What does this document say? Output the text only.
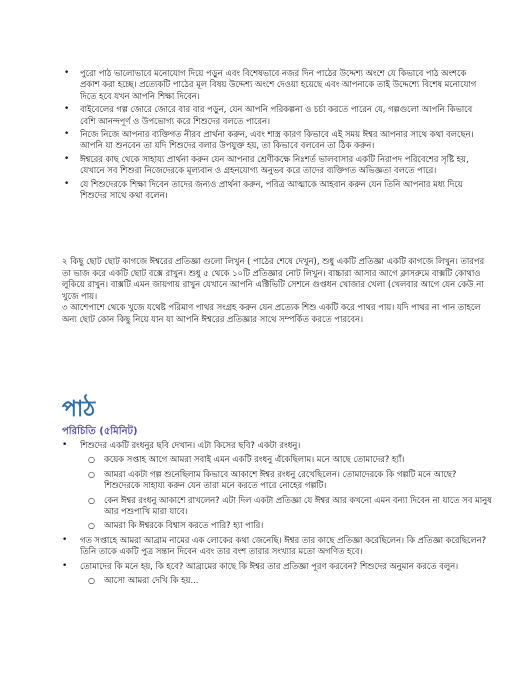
• পুরো পাঠ ভালোভাবে মনোযোগ দিয়ে পড়ুন এবং বিশেষভাবে নজর দিন পাঠের উদ্দেশ্য অংশে যে কিভাবে পাঠ অংশকে প্রকাশ করা হচ্ছে। প্রত্যেকটি পাঠের মূল বিষয় উদ্দেশ্য অংশে দেওয়া হয়েছে এবং আপনাকে তাই উদ্দেশ্যে বিশেষ মনোযোগ দিতে হবে যখন আপনি শিক্ষা দিবেন।
• বাইবেলের গল্প জোরে জোরে বার বার পড়ুন, যেন আপনি পরিকল্পনা ও চর্চা করতে পারেন যে, গল্পগুলো আপনি কিভাবে বেশি আনন্দপূর্ণ ও উপভোগ্য করে শিশুদের বলতে পারেন।
• নিজে নিজে আপনার ব্যক্তিগত নীরব প্রার্থনা করুন, এবং শাস্ত্র কারণ কিভাবে এই সময় ঈশ্বর আপনার সাথে কথা বলছেন। আপনি যা শুনবেন তা যদি শিশুদের বলার উপযুক্ত হয়, তা কিভাবে বলবেন তা ঠিক করুন।
• ঈশ্বরের কাছ থেকে সাহায্য প্রার্থনা করুন যেন আপনার শ্রেণীকক্ষে নিঃশর্ত ভালবাসার একটি নিরাপদ পরিবেশের সৃষ্টি হয়, যেখানে সব শিশুরা নিজেদেরকে মূল্যবান ও গ্রহনযোগ্য অনুভব করে তাদের ব্যক্তিগত অভিজ্ঞতা বলতে পারে।
• যে শিশুদেরকে শিক্ষা দিবেন তাদের জন্যও প্রার্থনা করুন, পবিত্র আত্মাকে আহবান করুন যেন তিনি আপনার মধ্য দিয়ে শিশুদের সাথে কথা বলেন।
২ কিছু ছোট ছোট কাগজে ঈশ্বরের প্রতিজ্ঞা গুলো লিখুন ( পাঠের শেষে দেখুন), শুধু একটি প্রতিজ্ঞা একটি কাগজে লিখুন। তারপর তা ভাজ করে একটি ছোট বক্সে রাখুন। শুধু ৫ থেকে ১০টি প্রতিজ্ঞার নোট লিখুন। বাচ্চারা আসার আগে ক্লাসরুমে বাক্সটি কোথাও লুকিয়ে রাখুন। বাক্সটি এমন জায়গায় রাখুন যেখানে আপনি এক্টিভিটি সেশনে গুপ্তধন খোজার খেলা (খেলবার আগে যেন কেউ না খুজে পায়।
৩ আশেপাশে থেকে খুজে যথেষ্ট পরিমাণ পাথর সংগ্রহ করুন যেন প্রত্যেক শিশু একটি করে পাথর পায়। যদি পাথর না পান তাহলে অন্য ছোট কোন কিছু নিয়ে যান যা আপনি ঈশ্বরের প্রতিজ্ঞার সাথে সম্পর্কিত করতে পারবেন।
পাঠ
পরিচিতি (৫মিনিট)
• শিশুদের একটি রংধনুর ছবি দেখান। এটা কিসের ছবি? একটা রংধনু।
○ কয়েক সপ্তাহ আগে আমরা সবাই এমন একটি রংধনু এঁকেছিলাম। মনে আছে তোমাদের? হ্যাঁ।
○ আমরা একটা গল্প শুনেছিলাম কিভাবে আকাশে ঈশ্বর রংধনু রেখেছিলেন। তোমাদেরকে কি গল্পটি মনে আছে? শিশুদেরকে সাহায্য করুন যেন তারা মনে করতে পারে নোহের গল্পটি।
○ কেন ঈশ্বর রংধনু আকাশে রাখলেন? এটা দিল একটা প্রতিজ্ঞা যে ঈশ্বর আর কখনো এমন বন্যা দিবেন না যাতে সব মানুষ আর পশুপাখি মারা যাবে।
○ আমরা কি ঈশ্বরকে বিশ্বাস করতে পারি? হ্যা পারি।
• গত সপ্তাহে আমরা আব্রাম নামের এক লোকের কথা জেনেছি। ঈশ্বর তার কাছে প্রতিজ্ঞা করেছিলেন। কি প্রতিজ্ঞা করেছিলেন? তিনি তাকে একটি পুত্র সন্তান দিবেন এবং তার বংশ তারার সংখ্যার মতো অগণিত হবে।
• তোমাদের কি মনে হয়, কি হবে? আব্রামের কাছে কি ঈশ্বর তার প্রতিজ্ঞা পূরণ করবেন? শিশুদের অনুমান করতে বলুন।
○ আসো আমরা দেখি কি হয়...
